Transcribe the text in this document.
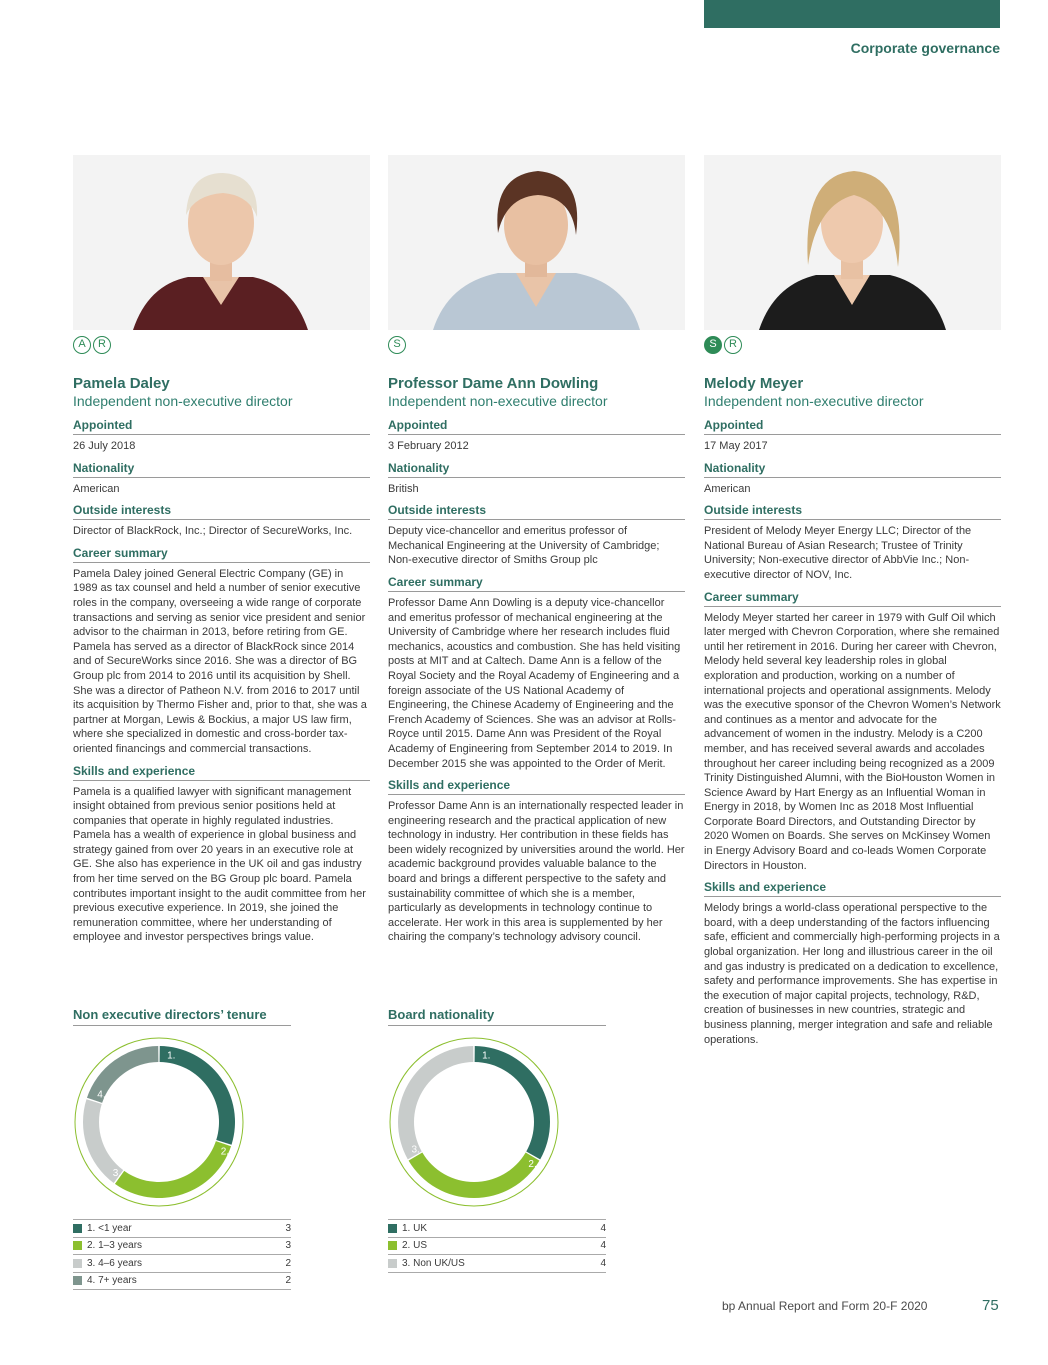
Corporate governance
A	R
Pamela Daley
Independent non-executive director
Appointed
26 July 2018
Nationality
American
Outside interests
Director of BlackRock, Inc.; Director of SecureWorks, Inc.
Career summary
Pamela Daley joined General Electric Company (GE) in 1989 as tax counsel and held a number of senior executive roles in the company, overseeing a wide range of corporate transactions and serving as senior vice president and senior advisor to the chairman in 2013, before retiring from GE. Pamela has served as a director of BlackRock since 2014 and of SecureWorks since 2016. She was a director of BG Group plc from 2014 to 2016 until its acquisition by Shell. She was a director of Patheon N.V. from 2016 to 2017 until its acquisition by Thermo Fisher and, prior to that, she was a partner at Morgan, Lewis & Bockius, a major US law firm, where she specialized in domestic and cross-border tax-oriented financings and commercial transactions.
Skills and experience
Pamela is a qualified lawyer with significant management insight obtained from previous senior positions held at companies that operate in highly regulated industries. Pamela has a wealth of experience in global business and strategy gained from over 20 years in an executive role at GE. She also has experience in the UK oil and gas industry from her time served on the BG Group plc board. Pamela contributes important insight to the audit committee from her previous executive experience. In 2019, she joined the remuneration committee, where her understanding of employee and investor perspectives brings value.
S
Professor Dame Ann Dowling
Independent non-executive director
Appointed
3 February 2012
Nationality
British
Outside interests
Deputy vice-chancellor and emeritus professor of Mechanical Engineering at the University of Cambridge; Non-executive director of Smiths Group plc
Career summary
Professor Dame Ann Dowling is a deputy vice-chancellor and emeritus professor of mechanical engineering at the University of Cambridge where her research includes fluid mechanics, acoustics and combustion. She has held visiting posts at MIT and at Caltech. Dame Ann is a fellow of the Royal Society and the Royal Academy of Engineering and a foreign associate of the US National Academy of Engineering, the Chinese Academy of Engineering and the French Academy of Sciences. She was an advisor at Rolls-Royce until 2015. Dame Ann was President of the Royal Academy of Engineering from September 2014 to 2019. In December 2015 she was appointed to the Order of Merit.
Skills and experience
Professor Dame Ann is an internationally respected leader in engineering research and the practical application of new technology in industry. Her contribution in these fields has been widely recognized by universities around the world. Her academic background provides valuable balance to the board and brings a different perspective to the safety and sustainability committee of which she is a member, particularly as developments in technology continue to accelerate. Her work in this area is supplemented by her chairing the company’s technology advisory council.
S	R
Melody Meyer
Independent non-executive director
Appointed
17 May 2017
Nationality
American
Outside interests
President of Melody Meyer Energy LLC; Director of the National Bureau of Asian Research; Trustee of Trinity University; Non-executive director of AbbVie Inc.; Non-executive director of NOV, Inc.
Career summary
Melody Meyer started her career in 1979 with Gulf Oil which later merged with Chevron Corporation, where she remained until her retirement in 2016. During her career with Chevron, Melody held several key leadership roles in global exploration and production, working on a number of international projects and operational assignments. Melody was the executive sponsor of the Chevron Women’s Network and continues as a mentor and advocate for the advancement of women in the industry. Melody is a C200 member, and has received several awards and accolades throughout her career including being recognized as a 2009 Trinity Distinguished Alumni, with the BioHouston Women in Science Award by Hart Energy as an Influential Woman in Energy in 2018, by Women Inc as 2018 Most Influential Corporate Board Directors, and Outstanding Director by 2020 Women on Boards. She serves on McKinsey Women in Energy Advisory Board and co-leads Women Corporate Directors in Houston.
Skills and experience
Melody brings a world-class operational perspective to the board, with a deep understanding of the factors influencing safe, efficient and commercially high-performing projects in a global organization. Her long and illustrious career in the oil and gas industry is predicated on a dedication to excellence, safety and performance improvements. She has expertise in the execution of major capital projects, technology, R&D, creation of businesses in new countries, strategic and business planning, merger integration and safe and reliable operations.
Non executive directors’ tenure
1.
2.
3.
4.
1. <1 year	3
2. 1–3 years	3
3. 4–6 years	2
4. 7+ years	2
Board nationality
1.
2.
3.
1. UK	4
2. US	4
3. Non UK/US	4
bp Annual Report and Form 20-F 2020	75
